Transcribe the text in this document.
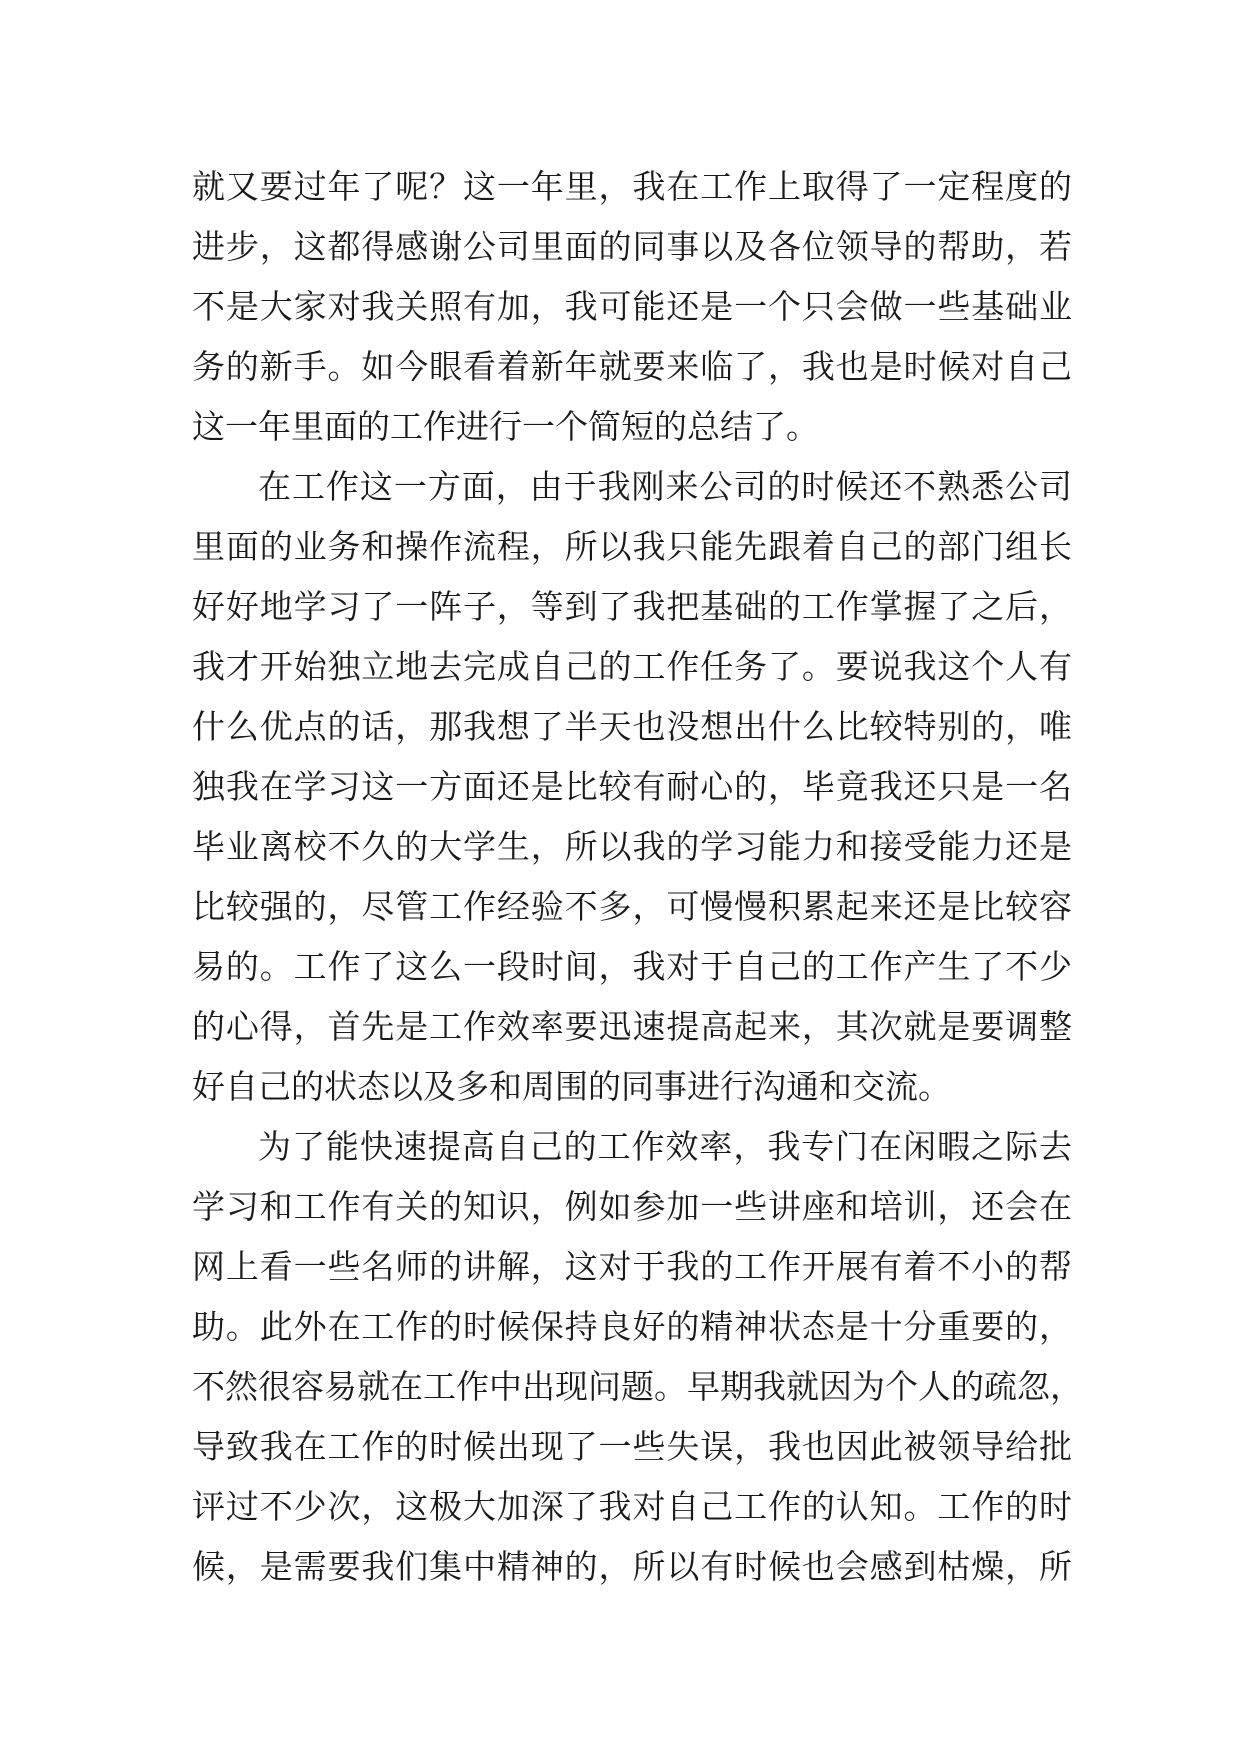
就又要过年了呢？这一年里，我在工作上取得了一定程度的
进步，这都得感谢公司里面的同事以及各位领导的帮助，若
不是大家对我关照有加，我可能还是一个只会做一些基础业
务的新手。如今眼看着新年就要来临了，我也是时候对自己
这一年里面的工作进行一个简短的总结了。
在工作这一方面，由于我刚来公司的时候还不熟悉公司
里面的业务和操作流程，所以我只能先跟着自己的部门组长
好好地学习了一阵子，等到了我把基础的工作掌握了之后，
我才开始独立地去完成自己的工作任务了。要说我这个人有
什么优点的话，那我想了半天也没想出什么比较特别的，唯
独我在学习这一方面还是比较有耐心的，毕竟我还只是一名
毕业离校不久的大学生，所以我的学习能力和接受能力还是
比较强的，尽管工作经验不多，可慢慢积累起来还是比较容
易的。工作了这么一段时间，我对于自己的工作产生了不少
的心得，首先是工作效率要迅速提高起来，其次就是要调整
好自己的状态以及多和周围的同事进行沟通和交流。
为了能快速提高自己的工作效率，我专门在闲暇之际去
学习和工作有关的知识，例如参加一些讲座和培训，还会在
网上看一些名师的讲解，这对于我的工作开展有着不小的帮
助。此外在工作的时候保持良好的精神状态是十分重要的，
不然很容易就在工作中出现问题。早期我就因为个人的疏忽，
导致我在工作的时候出现了一些失误，我也因此被领导给批
评过不少次，这极大加深了我对自己工作的认知。工作的时
候，是需要我们集中精神的，所以有时候也会感到枯燥，所
